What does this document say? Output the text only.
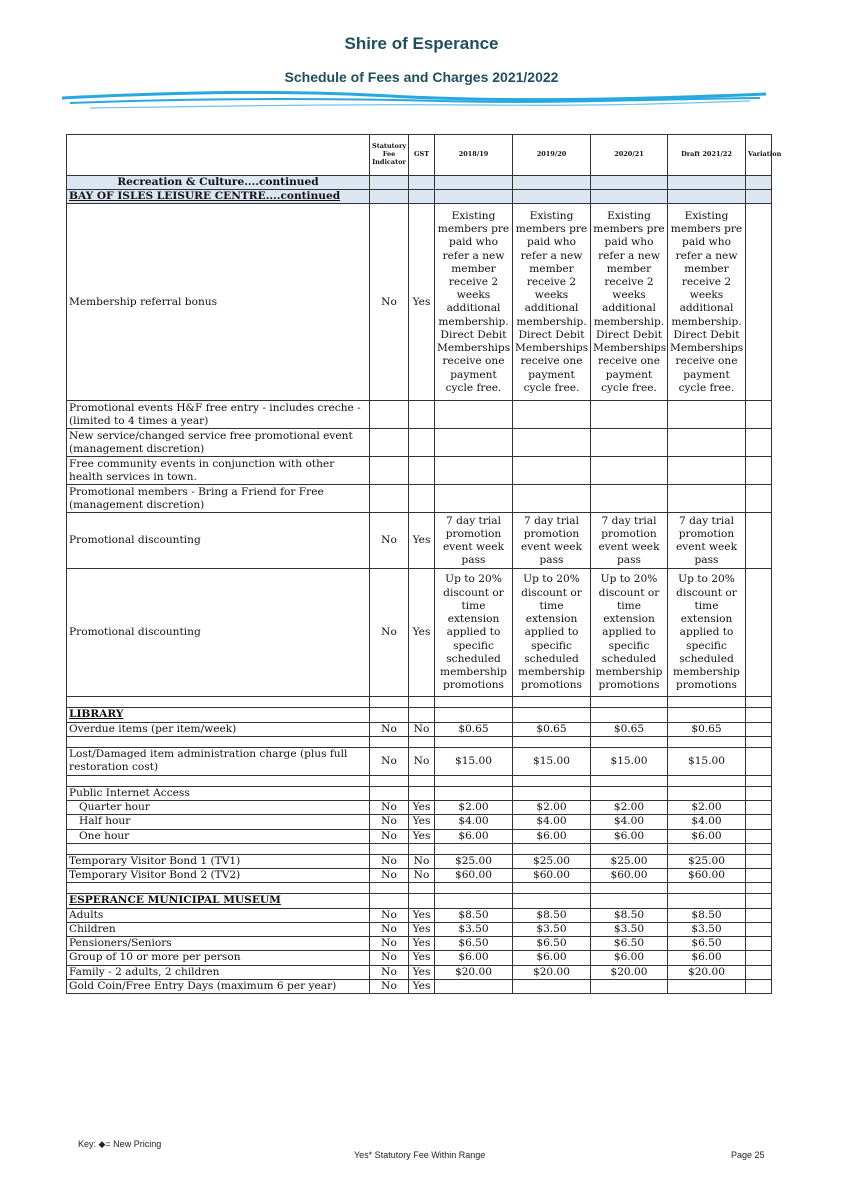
Shire of Esperance
Schedule of Fees and Charges 2021/2022
	Statutory Fee Indicator	GST	2018/19	2019/20	2020/21	Draft 2021/22	Variation
Recreation & Culture....continued							
BAY OF ISLES LEISURE CENTRE....continued							
Membership referral bonus	No	Yes	Existing members pre paid who refer a new member receive 2 weeks additional membership. Direct Debit Memberships receive one payment cycle free.	Existing members pre paid who refer a new member receive 2 weeks additional membership. Direct Debit Memberships receive one payment cycle free.	Existing members pre paid who refer a new member receive 2 weeks additional membership. Direct Debit Memberships receive one payment cycle free.	Existing members pre paid who refer a new member receive 2 weeks additional membership. Direct Debit Memberships receive one payment cycle free.	
Promotional events H&F free entry - includes creche - (limited to 4 times a year)							
New service/changed service free promotional event (management discretion)							
Free community events in conjunction with other health services in town.							
Promotional members - Bring a Friend for Free (management discretion)							
Promotional discounting	No	Yes	7 day trial promotion event week pass	7 day trial promotion event week pass	7 day trial promotion event week pass	7 day trial promotion event week pass	
Promotional discounting	No	Yes	Up to 20% discount or time extension applied to specific scheduled membership promotions	Up to 20% discount or time extension applied to specific scheduled membership promotions	Up to 20% discount or time extension applied to specific scheduled membership promotions	Up to 20% discount or time extension applied to specific scheduled membership promotions	

LIBRARY							
Overdue items (per item/week)	No	No	$0.65	$0.65	$0.65	$0.65	

Lost/Damaged item administration charge (plus full restoration cost)	No	No	$15.00	$15.00	$15.00	$15.00	

Public Internet Access							
Quarter hour	No	Yes	$2.00	$2.00	$2.00	$2.00	
Half hour	No	Yes	$4.00	$4.00	$4.00	$4.00	
One hour	No	Yes	$6.00	$6.00	$6.00	$6.00	

Temporary Visitor Bond 1 (TV1)	No	No	$25.00	$25.00	$25.00	$25.00	
Temporary Visitor Bond 2 (TV2)	No	No	$60.00	$60.00	$60.00	$60.00	

ESPERANCE MUNICIPAL MUSEUM							
Adults	No	Yes	$8.50	$8.50	$8.50	$8.50	
Children	No	Yes	$3.50	$3.50	$3.50	$3.50	
Pensioners/Seniors	No	Yes	$6.50	$6.50	$6.50	$6.50	
Group of 10 or more per person	No	Yes	$6.00	$6.00	$6.00	$6.00	
Family - 2 adults, 2 children	No	Yes	$20.00	$20.00	$20.00	$20.00	
Gold Coin/Free Entry Days (maximum 6 per year)	No	Yes					
Key: ◆= New Pricing
Yes* Statutory Fee Within Range	Page 25
